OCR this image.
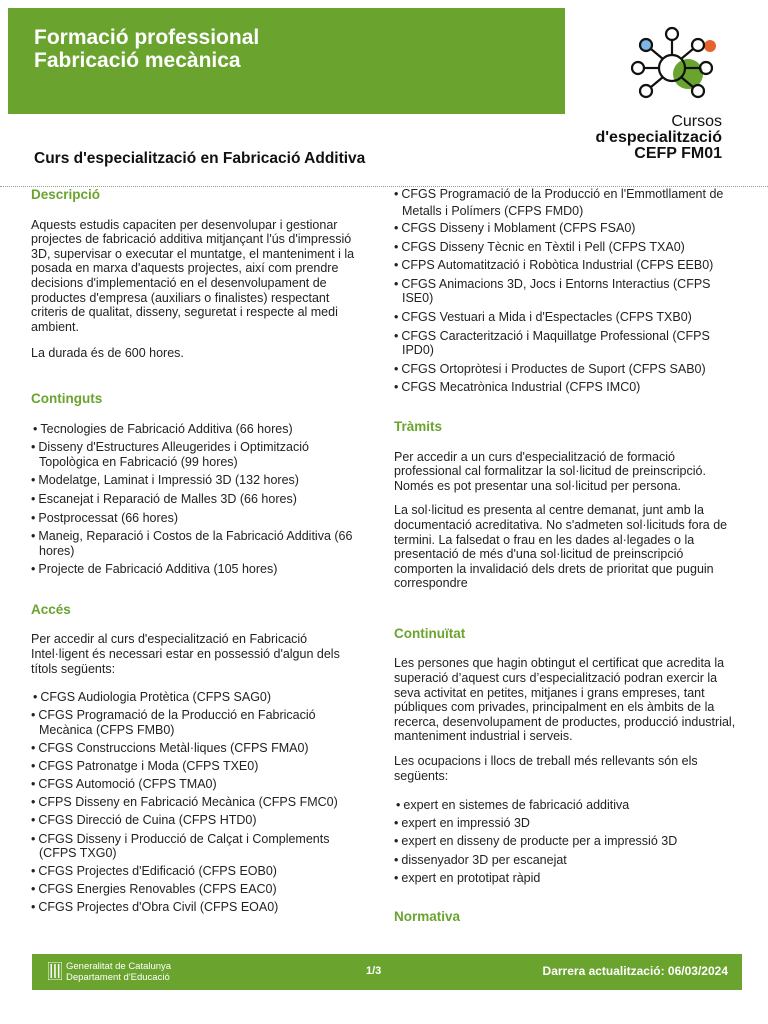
Formació professional
Fabricació mecànica
Cursos
d'especialització
CEFP FM01
Curs d'especialització en Fabricació Additiva
Descripció

Aquests estudis capaciten per desenvolupar i gestionar projectes de fabricació additiva mitjançant l'ús d'impressió 3D, supervisar o executar el muntatge, el manteniment i la posada en marxa d'aquests projectes, així com prendre decisions d'implementació en el desenvolupament de productes d'empresa (auxiliars o finalistes) respectant criteris de qualitat, disseny, seguretat i respecte al medi ambient.

La durada és de 600 hores.

Continguts
• Tecnologies de Fabricació Additiva (66 hores)
• Disseny d'Estructures Alleugerides i Optimització Topològica en Fabricació (99 hores)
• Modelatge, Laminat i Impressió 3D (132 hores)
• Escanejat i Reparació de Malles 3D (66 hores)
• Postprocessat (66 hores)
• Maneig, Reparació i Costos de la Fabricació Additiva (66 hores)
• Projecte de Fabricació Additiva (105 hores)
Accés

Per accedir al curs d'especialització en Fabricació Intel·ligent és necessari estar en possessió d'algun dels títols següents:

• CFGS Audiologia Protètica (CFPS SAG0)
• CFGS Programació de la Producció en Fabricació Mecànica (CFPS FMB0)
• CFGS Construccions Metàl·liques (CFPS FMA0)
• CFGS Patronatge i Moda (CFPS TXE0)
• CFGS Automoció (CFPS TMA0)
• CFPS Disseny en Fabricació Mecànica (CFPS FMC0)
• CFGS Direcció de Cuina (CFPS HTD0)
• CFGS Disseny i Producció de Calçat i Complements (CFPS TXG0)
• CFGS Projectes d'Edificació (CFPS EOB0)
• CFGS Energies Renovables (CFPS EAC0)
• CFGS Projectes d'Obra Civil (CFPS EOA0)
• CFGS Programació de la Producció en l'Emmotllament de Metalls i Polímers (CFPS FMD0)
• CFGS Disseny i Moblament (CFPS FSA0)
• CFGS Disseny Tècnic en Tèxtil i Pell (CFPS TXA0)
• CFPS Automatització i Robòtica Industrial (CFPS EEB0)
• CFGS Animacions 3D, Jocs i Entorns Interactius (CFPS ISE0)
• CFGS Vestuari a Mida i d'Espectacles (CFPS TXB0)
• CFGS Caracterització i Maquillatge Professional (CFPS IPD0)
• CFGS Ortopròtesi i Productes de Suport (CFPS SAB0)
• CFGS Mecatrònica Industrial (CFPS IMC0)
Tràmits

Per accedir a un curs d'especialització de formació professional cal formalitzar la sol·licitud de preinscripció. Només es pot presentar una sol·licitud per persona.

La sol·licitud es presenta al centre demanat, junt amb la documentació acreditativa. No s'admeten sol·licituds fora de termini. La falsedat o frau en les dades al·legades o la presentació de més d'una sol·licitud de preinscripció comporten la invalidació dels drets de prioritat que puguin correspondre

Continuïtat

Les persones que hagin obtingut el certificat que acredita la superació d’aquest curs d’especialització podran exercir la seva activitat en petites, mitjanes i grans empreses, tant públiques com privades, principalment en els àmbits de la recerca, desenvolupament de productes, producció industrial, manteniment industrial i serveis.

Les ocupacions i llocs de treball més rellevants són els següents:

• expert en sistemes de fabricació additiva
• expert en impressió 3D
• expert en disseny de producte per a impressió 3D
• dissenyador 3D per escanejat
• expert en prototipat ràpid
Normativa
Generalitat de Catalunya
Departament d'Educació	1/3	Darrera actualització: 06/03/2024
